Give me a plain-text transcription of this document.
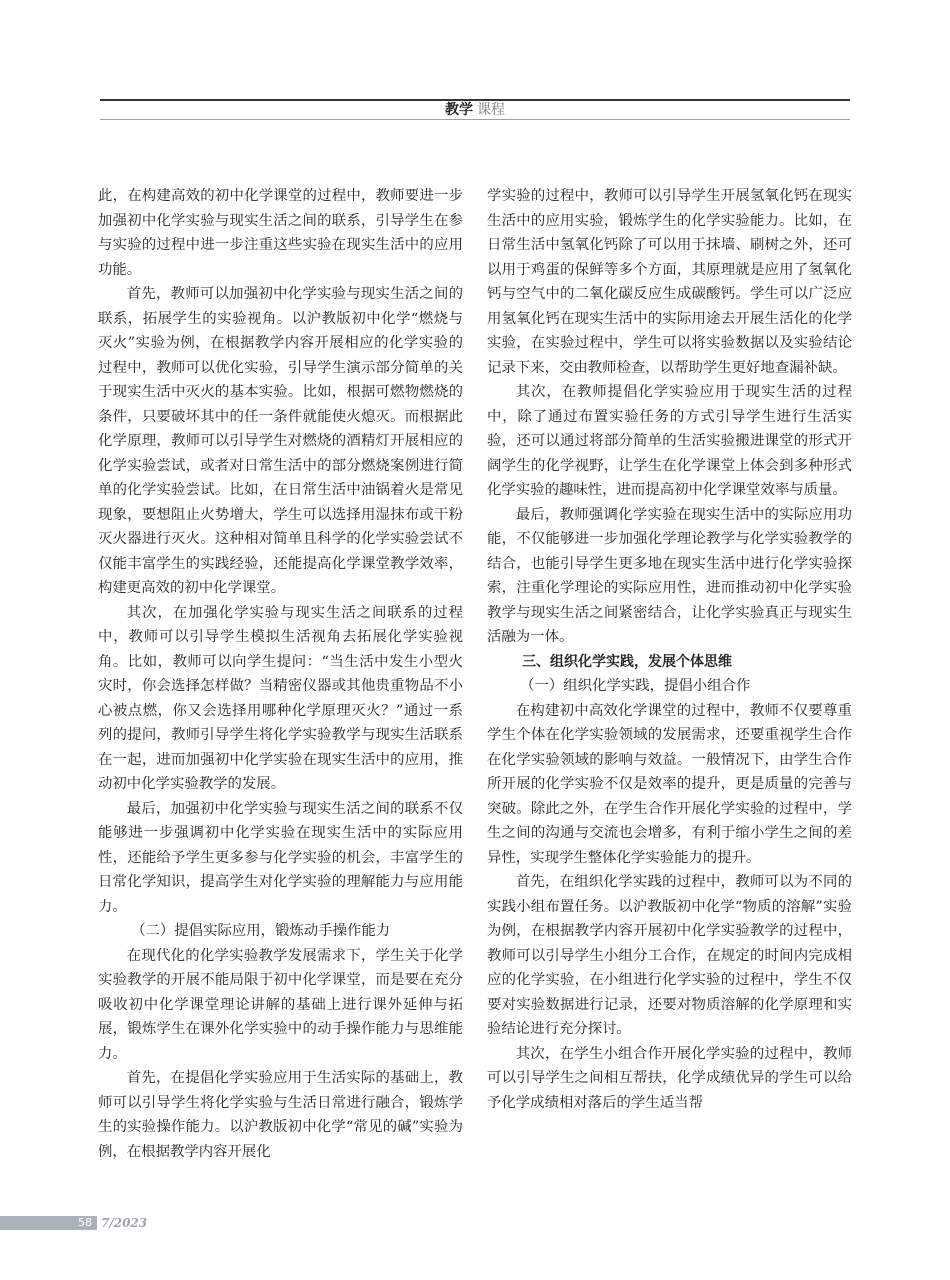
教学 课程

此，在构建高效的初中化学课堂的过程中，教师要进一步加强初中化学实验与现实生活之间的联系，引导学生在参与实验的过程中进一步注重这些实验在现实生活中的应用功能。

首先，教师可以加强初中化学实验与现实生活之间的联系，拓展学生的实验视角。以沪教版初中化学“燃烧与灭火”实验为例，在根据教学内容开展相应的化学实验的过程中，教师可以优化实验，引导学生演示部分简单的关于现实生活中灭火的基本实验。比如，根据可燃物燃烧的条件，只要破坏其中的任一条件就能使火熄灭。而根据此化学原理，教师可以引导学生对燃烧的酒精灯开展相应的化学实验尝试，或者对日常生活中的部分燃烧案例进行简单的化学实验尝试。比如，在日常生活中油锅着火是常见现象，要想阻止火势增大，学生可以选择用湿抹布或干粉灭火器进行灭火。这种相对简单且科学的化学实验尝试不仅能丰富学生的实践经验，还能提高化学课堂教学效率，构建更高效的初中化学课堂。

其次，在加强化学实验与现实生活之间联系的过程中，教师可以引导学生模拟生活视角去拓展化学实验视角。比如，教师可以向学生提问：“当生活中发生小型火灾时，你会选择怎样做？当精密仪器或其他贵重物品不小心被点燃，你又会选择用哪种化学原理灭火？”通过一系列的提问，教师引导学生将化学实验教学与现实生活联系在一起，进而加强初中化学实验在现实生活中的应用，推动初中化学实验教学的发展。

最后，加强初中化学实验与现实生活之间的联系不仅能够进一步强调初中化学实验在现实生活中的实际应用性，还能给予学生更多参与化学实验的机会，丰富学生的日常化学知识，提高学生对化学实验的理解能力与应用能力。

（二）提倡实际应用，锻炼动手操作能力

在现代化的化学实验教学发展需求下，学生关于化学实验教学的开展不能局限于初中化学课堂，而是要在充分吸收初中化学课堂理论讲解的基础上进行课外延伸与拓展，锻炼学生在课外化学实验中的动手操作能力与思维能力。

首先，在提倡化学实验应用于生活实际的基础上，教师可以引导学生将化学实验与生活日常进行融合，锻炼学生的实验操作能力。以沪教版初中化学“常见的碱”实验为例，在根据教学内容开展化

学实验的过程中，教师可以引导学生开展氢氧化钙在现实生活中的应用实验，锻炼学生的化学实验能力。比如，在日常生活中氢氧化钙除了可以用于抹墙、刷树之外，还可以用于鸡蛋的保鲜等多个方面，其原理就是应用了氢氧化钙与空气中的二氧化碳反应生成碳酸钙。学生可以广泛应用氢氧化钙在现实生活中的实际用途去开展生活化的化学实验，在实验过程中，学生可以将实验数据以及实验结论记录下来，交由教师检查，以帮助学生更好地查漏补缺。

其次，在教师提倡化学实验应用于现实生活的过程中，除了通过布置实验任务的方式引导学生进行生活实验，还可以通过将部分简单的生活实验搬进课堂的形式开阔学生的化学视野，让学生在化学课堂上体会到多种形式化学实验的趣味性，进而提高初中化学课堂效率与质量。

最后，教师强调化学实验在现实生活中的实际应用功能，不仅能够进一步加强化学理论教学与化学实验教学的结合，也能引导学生更多地在现实生活中进行化学实验探索，注重化学理论的实际应用性，进而推动初中化学实验教学与现实生活之间紧密结合，让化学实验真正与现实生活融为一体。

三、组织化学实践，发展个体思维

（一）组织化学实践，提倡小组合作

在构建初中高效化学课堂的过程中，教师不仅要尊重学生个体在化学实验领域的发展需求，还要重视学生合作在化学实验领域的影响与效益。一般情况下，由学生合作所开展的化学实验不仅是效率的提升，更是质量的完善与突破。除此之外，在学生合作开展化学实验的过程中，学生之间的沟通与交流也会增多，有利于缩小学生之间的差异性，实现学生整体化学实验能力的提升。

首先，在组织化学实践的过程中，教师可以为不同的实践小组布置任务。以沪教版初中化学“物质的溶解”实验为例，在根据教学内容开展初中化学实验教学的过程中，教师可以引导学生小组分工合作，在规定的时间内完成相应的化学实验，在小组进行化学实验的过程中，学生不仅要对实验数据进行记录，还要对物质溶解的化学原理和实验结论进行充分探讨。

其次，在学生小组合作开展化学实验的过程中，教师可以引导学生之间相互帮扶，化学成绩优异的学生可以给予化学成绩相对落后的学生适当帮

58 7/2023
